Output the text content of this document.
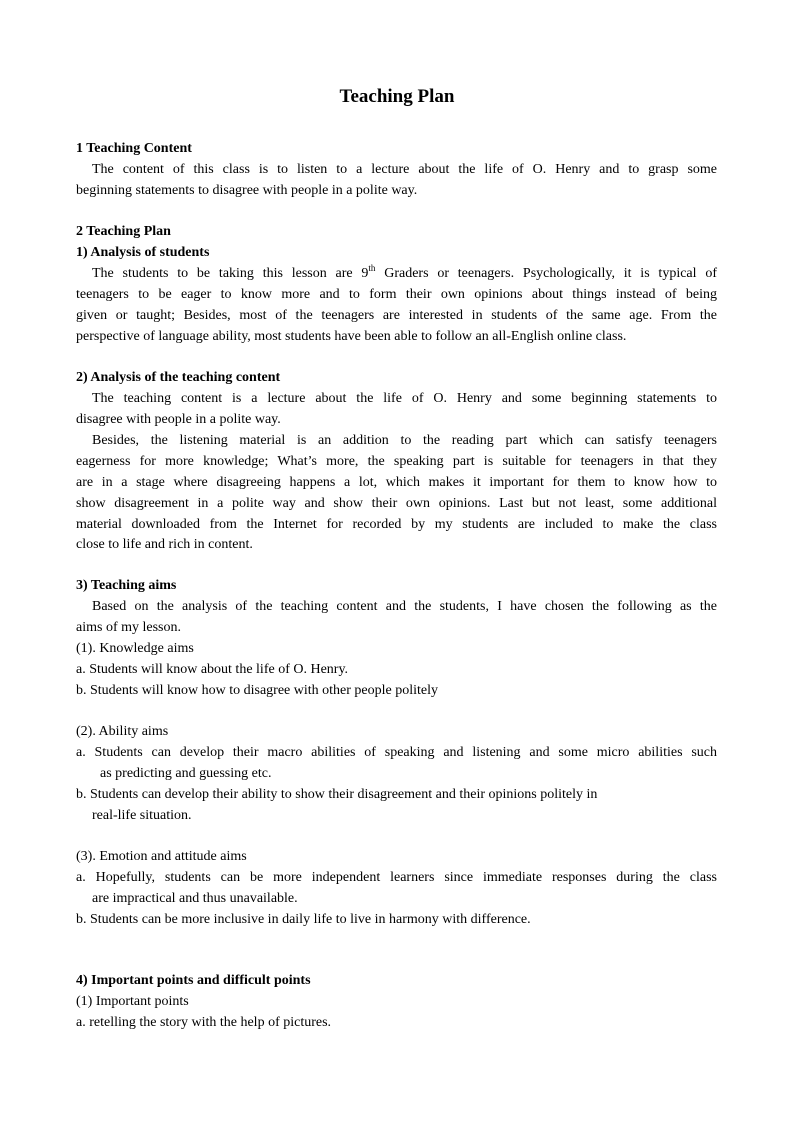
Teaching Plan
1 Teaching Content
The content of this class is to listen to a lecture about the life of O. Henry and to grasp some
beginning statements to disagree with people in a polite way.
2 Teaching Plan
1) Analysis of students
The students to be taking this lesson are 9th Graders or teenagers. Psychologically, it is typical of
teenagers to be eager to know more and to form their own opinions about things instead of being
given or taught; Besides, most of the teenagers are interested in students of the same age. From the
perspective of language ability, most students have been able to follow an all-English online class.
2) Analysis of the teaching content
The teaching content is a lecture about the life of O. Henry and some beginning statements to
disagree with people in a polite way.
Besides, the listening material is an addition to the reading part which can satisfy teenagers
eagerness for more knowledge; What’s more, the speaking part is suitable for teenagers in that they
are in a stage where disagreeing happens a lot, which makes it important for them to know how to
show disagreement in a polite way and show their own opinions. Last but not least, some additional
material downloaded from the Internet for recorded by my students are included to make the class
close to life and rich in content.
3) Teaching aims
Based on the analysis of the teaching content and the students, I have chosen the following as the
aims of my lesson.
(1). Knowledge aims
a. Students will know about the life of O. Henry.
b. Students will know how to disagree with other people politely
(2). Ability aims
a. Students can develop their macro abilities of speaking and listening and some micro abilities such
as predicting and guessing etc.
b. Students can develop their ability to show their disagreement and their opinions politely in
real-life situation.
(3). Emotion and attitude aims
a. Hopefully, students can be more independent learners since immediate responses during the class
are impractical and thus unavailable.
b. Students can be more inclusive in daily life to live in harmony with difference.
4) Important points and difficult points
(1) Important points
a. retelling the story with the help of pictures.
